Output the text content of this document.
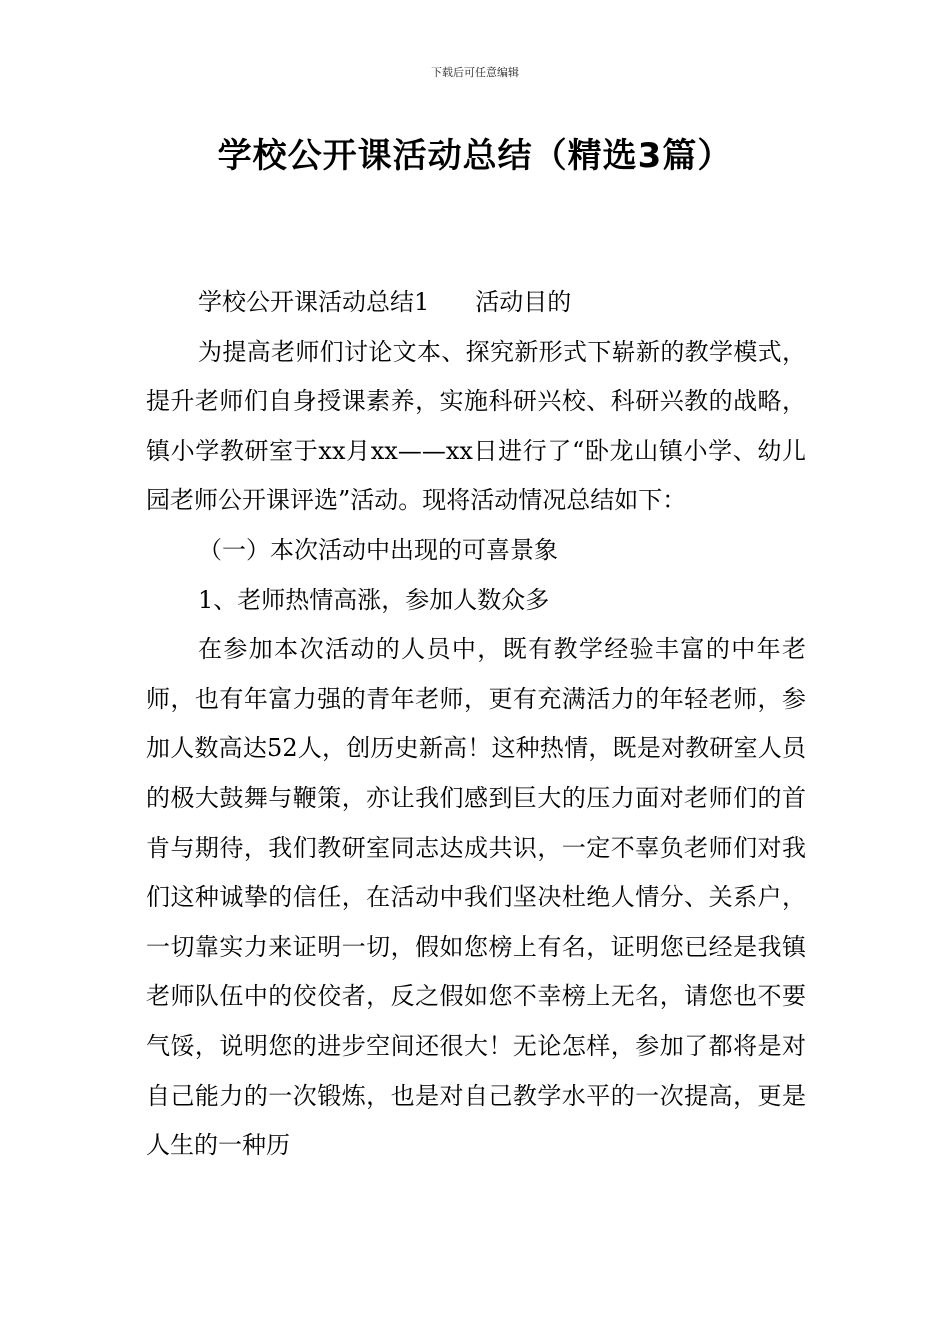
下载后可任意编辑
学校公开课活动总结（精选3篇）

学校公开课活动总结1 活动目的

为提高老师们讨论文本、探究新形式下崭新的教学模式，提升老师们自身授课素养，实施科研兴校、科研兴教的战略，镇小学教研室于xx月xx——xx日进行了“卧龙山镇小学、幼儿园老师公开课评选”活动。现将活动情况总结如下：

（一）本次活动中出现的可喜景象

1、老师热情高涨，参加人数众多

在参加本次活动的人员中，既有教学经验丰富的中年老师，也有年富力强的青年老师，更有充满活力的年轻老师，参加人数高达52人，创历史新高！这种热情，既是对教研室人员的极大鼓舞与鞭策，亦让我们感到巨大的压力面对老师们的首肯与期待，我们教研室同志达成共识，一定不辜负老师们对我们这种诚挚的信任，在活动中我们坚决杜绝人情分、关系户，一切靠实力来证明一切，假如您榜上有名，证明您已经是我镇老师队伍中的佼佼者，反之假如您不幸榜上无名，请您也不要气馁，说明您的进步空间还很大！无论怎样，参加了都将是对自己能力的一次锻炼，也是对自己教学水平的一次提高，更是人生的一种历
